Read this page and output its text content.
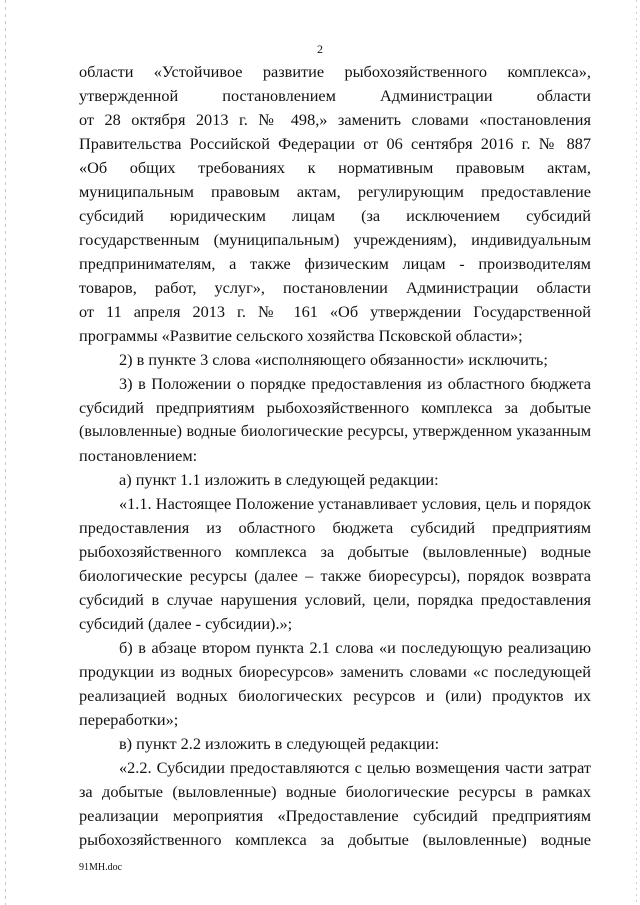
2
области «Устойчивое развитие рыбохозяйственного комплекса»,
утвержденной постановлением Администрации области
от 28 октября 2013 г. № 498,» заменить словами «постановления
Правительства Российской Федерации от 06 сентября 2016 г. № 887
«Об общих требованиях к нормативным правовым актам,
муниципальным правовым актам, регулирующим предоставление
субсидий юридическим лицам (за исключением субсидий
государственным (муниципальным) учреждениям), индивидуальным
предпринимателям, а также физическим лицам - производителям
товаров, работ, услуг», постановлении Администрации области
от 11 апреля 2013 г. № 161 «Об утверждении Государственной
программы «Развитие сельского хозяйства Псковской области»;
2) в пункте 3 слова «исполняющего обязанности» исключить;
3) в Положении о порядке предоставления из областного бюджета
субсидий предприятиям рыбохозяйственного комплекса за добытые
(выловленные) водные биологические ресурсы, утвержденном указанным
постановлением:
а) пункт 1.1 изложить в следующей редакции:
«1.1. Настоящее Положение устанавливает условия, цель и порядок
предоставления из областного бюджета субсидий предприятиям
рыбохозяйственного комплекса за добытые (выловленные) водные
биологические ресурсы (далее – также биоресурсы), порядок возврата
субсидий в случае нарушения условий, цели, порядка предоставления
субсидий (далее - субсидии).»;
б) в абзаце втором пункта 2.1 слова «и последующую реализацию
продукции из водных биоресурсов» заменить словами «с последующей
реализацией водных биологических ресурсов и (или) продуктов их
переработки»;
в) пункт 2.2 изложить в следующей редакции:
«2.2. Субсидии предоставляются с целью возмещения части затрат
за добытые (выловленные) водные биологические ресурсы в рамках
реализации мероприятия «Предоставление субсидий предприятиям
рыбохозяйственного комплекса за добытые (выловленные) водные
91МН.doc
